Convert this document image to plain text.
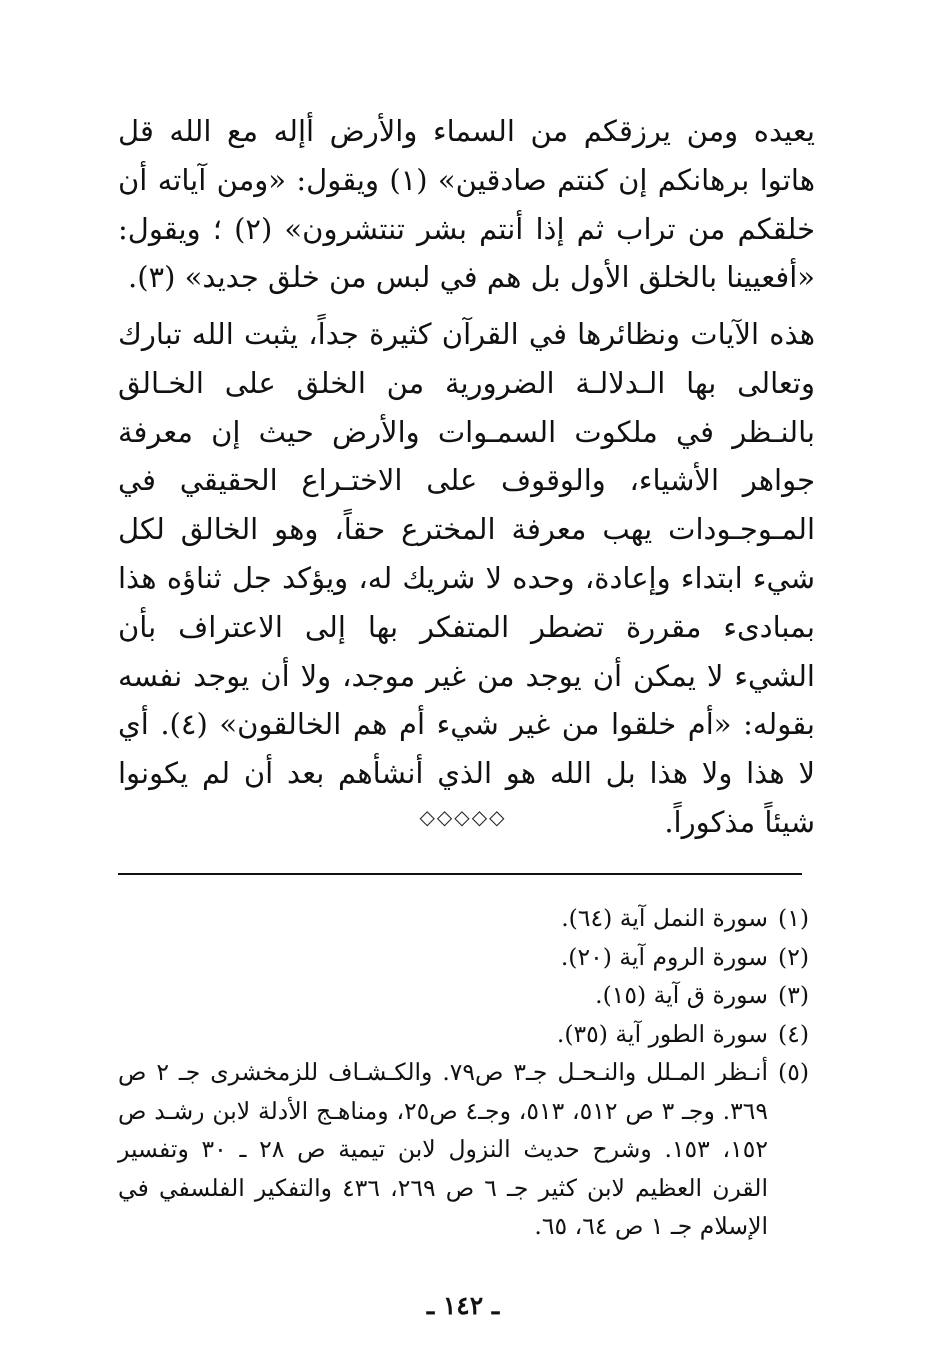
يعيده ومن يرزقكم من السماء والأرض أإله مع الله قل هاتوا برهانكم إن كنتم صادقين» (١) ويقول: «ومن آياته أن خلقكم من تراب ثم إذا أنتم بشر تنتشرون» (٢) ؛ ويقول: «أفعيينا بالخلق الأول بل هم في لبس من خلق جديد» (٣).

هذه الآيات ونظائرها في القرآن كثيرة جداً، يثبت الله تبارك وتعالى بها الـدلالـة الضرورية من الخلق على الخـالق بالنـظر في ملكوت السمـوات والأرض حيث إن معرفة جواهر الأشياء، والوقوف على الاختـراع الحقيقي في المـوجـودات يهب معرفة المخترع حقاً، وهو الخالق لكل شيء ابتداء وإعادة، وحده لا شريك له، ويؤكد جل ثناؤه هذا بمبادىء مقررة تضطر المتفكر بها إلى الاعتراف بأن الشيء لا يمكن أن يوجد من غير موجد، ولا أن يوجد نفسه بقوله: «أم خلقوا من غير شيء أم هم الخالقون» (٤). أي لا هذا ولا هذا بل الله هو الذي أنشأهم بعد أن لم يكونوا شيئاً مذكوراً.

◇◇◇◇◇
(١)
سورة النمل آية (٦٤).
(٢)
سورة الروم آية (٢٠).
(٣)
سورة ق آية (١٥).
(٤)
سورة الطور آية (٣٥).
(٥)
أنـظر المـلل والنـحـل جـ٣ ص٧٩. والكـشـاف للزمخشرى جـ ٢ ص ٣٦٩. وجـ ٣ ص ٥١٢، ٥١٣، وجـ٤ ص٢٥، ومناهـج الأدلة لابن رشـد ص ١٥٢، ١٥٣. وشرح حديث النزول لابن تيمية ص ٢٨ ـ ٣٠ وتفسير القرن العظيم لابن كثير جـ ٦ ص ٢٦٩، ٤٣٦ والتفكير الفلسفي في الإسلام جـ ١ ص ٦٤، ٦٥.
ـ ١٤٢ ـ
